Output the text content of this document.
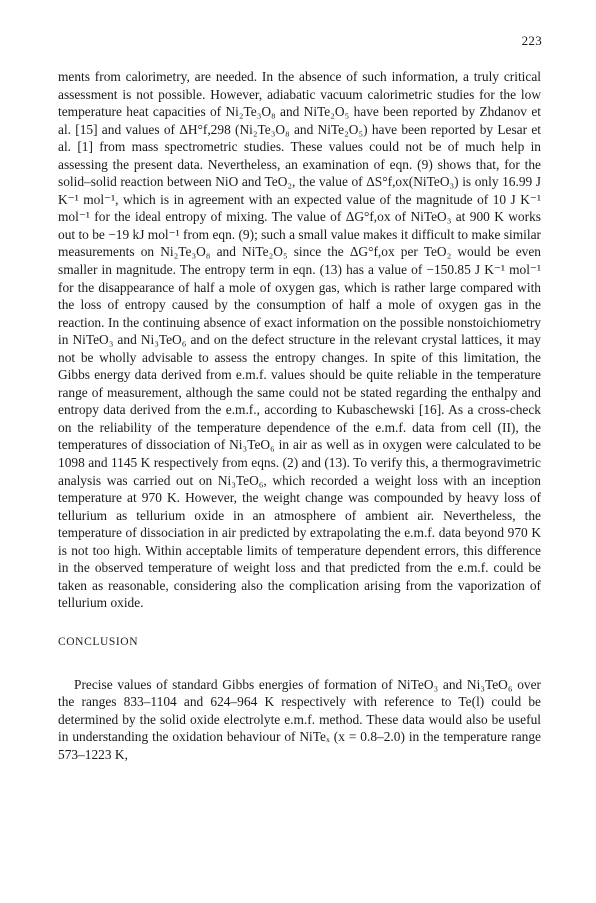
223

ments from calorimetry, are needed. In the absence of such information, a truly critical assessment is not possible. However, adiabatic vacuum calorimetric studies for the low temperature heat capacities of Ni₂Te₃O₈ and NiTe₂O₅ have been reported by Zhdanov et al. [15] and values of ΔH°f,298 (Ni₂Te₃O₈ and NiTe₂O₅) have been reported by Lesar et al. [1] from mass spectrometric studies. These values could not be of much help in assessing the present data. Nevertheless, an examination of eqn. (9) shows that, for the solid–solid reaction between NiO and TeO₂, the value of ΔS°f,ox(NiTeO₃) is only 16.99 J K⁻¹ mol⁻¹, which is in agreement with an expected value of the magnitude of 10 J K⁻¹ mol⁻¹ for the ideal entropy of mixing. The value of ΔG°f,ox of NiTeO₃ at 900 K works out to be −19 kJ mol⁻¹ from eqn. (9); such a small value makes it difficult to make similar measurements on Ni₂Te₃O₈ and NiTe₂O₅ since the ΔG°f,ox per TeO₂ would be even smaller in magnitude. The entropy term in eqn. (13) has a value of −150.85 J K⁻¹ mol⁻¹ for the disappearance of half a mole of oxygen gas, which is rather large compared with the loss of entropy caused by the consumption of half a mole of oxygen gas in the reaction. In the continuing absence of exact information on the possible nonstoichiometry in NiTeO₃ and Ni₃TeO₆ and on the defect structure in the relevant crystal lattices, it may not be wholly advisable to assess the entropy changes. In spite of this limitation, the Gibbs energy data derived from e.m.f. values should be quite reliable in the temperature range of measurement, although the same could not be stated regarding the enthalpy and entropy data derived from the e.m.f., according to Kubaschewski [16]. As a cross-check on the reliability of the temperature dependence of the e.m.f. data from cell (II), the temperatures of dissociation of Ni₃TeO₆ in air as well as in oxygen were calculated to be 1098 and 1145 K respectively from eqns. (2) and (13). To verify this, a thermogravimetric analysis was carried out on Ni₃TeO₆, which recorded a weight loss with an inception temperature at 970 K. However, the weight change was compounded by heavy loss of tellurium as tellurium oxide in an atmosphere of ambient air. Nevertheless, the temperature of dissociation in air predicted by extrapolating the e.m.f. data beyond 970 K is not too high. Within acceptable limits of temperature dependent errors, this difference in the observed temperature of weight loss and that predicted from the e.m.f. could be taken as reasonable, considering also the complication arising from the vaporization of tellurium oxide.

CONCLUSION

Precise values of standard Gibbs energies of formation of NiTeO₃ and Ni₃TeO₆ over the ranges 833–1104 and 624–964 K respectively with reference to Te(l) could be determined by the solid oxide electrolyte e.m.f. method. These data would also be useful in understanding the oxidation behaviour of NiTeₓ (x = 0.8–2.0) in the temperature range 573–1223 K,
